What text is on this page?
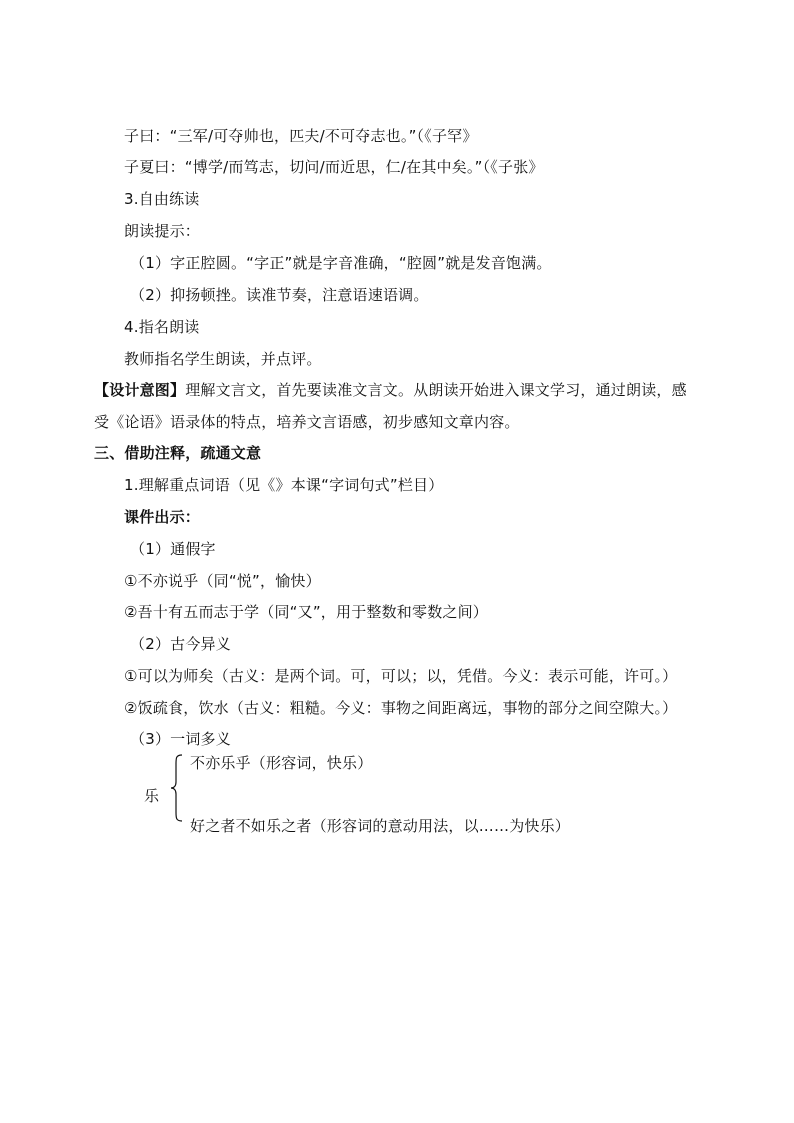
子曰：“三军/可夺帅也，匹夫/不可夺志也。”（《子罕》
子夏曰：“博学/而笃志，切问/而近思，仁/在其中矣。”（《子张》
3.自由练读
朗读提示：
（1）字正腔圆。“字正”就是字音准确，“腔圆”就是发音饱满。
（2）抑扬顿挫。读准节奏，注意语速语调。
4.指名朗读
教师指名学生朗读，并点评。
【设计意图】理解文言文，首先要读准文言文。从朗读开始进入课文学习，通过朗读，感
受《论语》语录体的特点，培养文言语感，初步感知文章内容。
三、借助注释，疏通文意
1.理解重点词语（见《》本课“字词句式”栏目）
课件出示：
（1）通假字
①不亦说乎（同“悦”，愉快）
②吾十有五而志于学（同“又”，用于整数和零数之间）
（2）古今异义
①可以为师矣（古义：是两个词。可，可以；以，凭借。今义：表示可能，许可。）
②饭疏食，饮水（古义：粗糙。今义：事物之间距离远，事物的部分之间空隙大。）
（3）一词多义
乐
不亦乐乎（形容词，快乐）
好之者不如乐之者（形容词的意动用法，以……为快乐）
